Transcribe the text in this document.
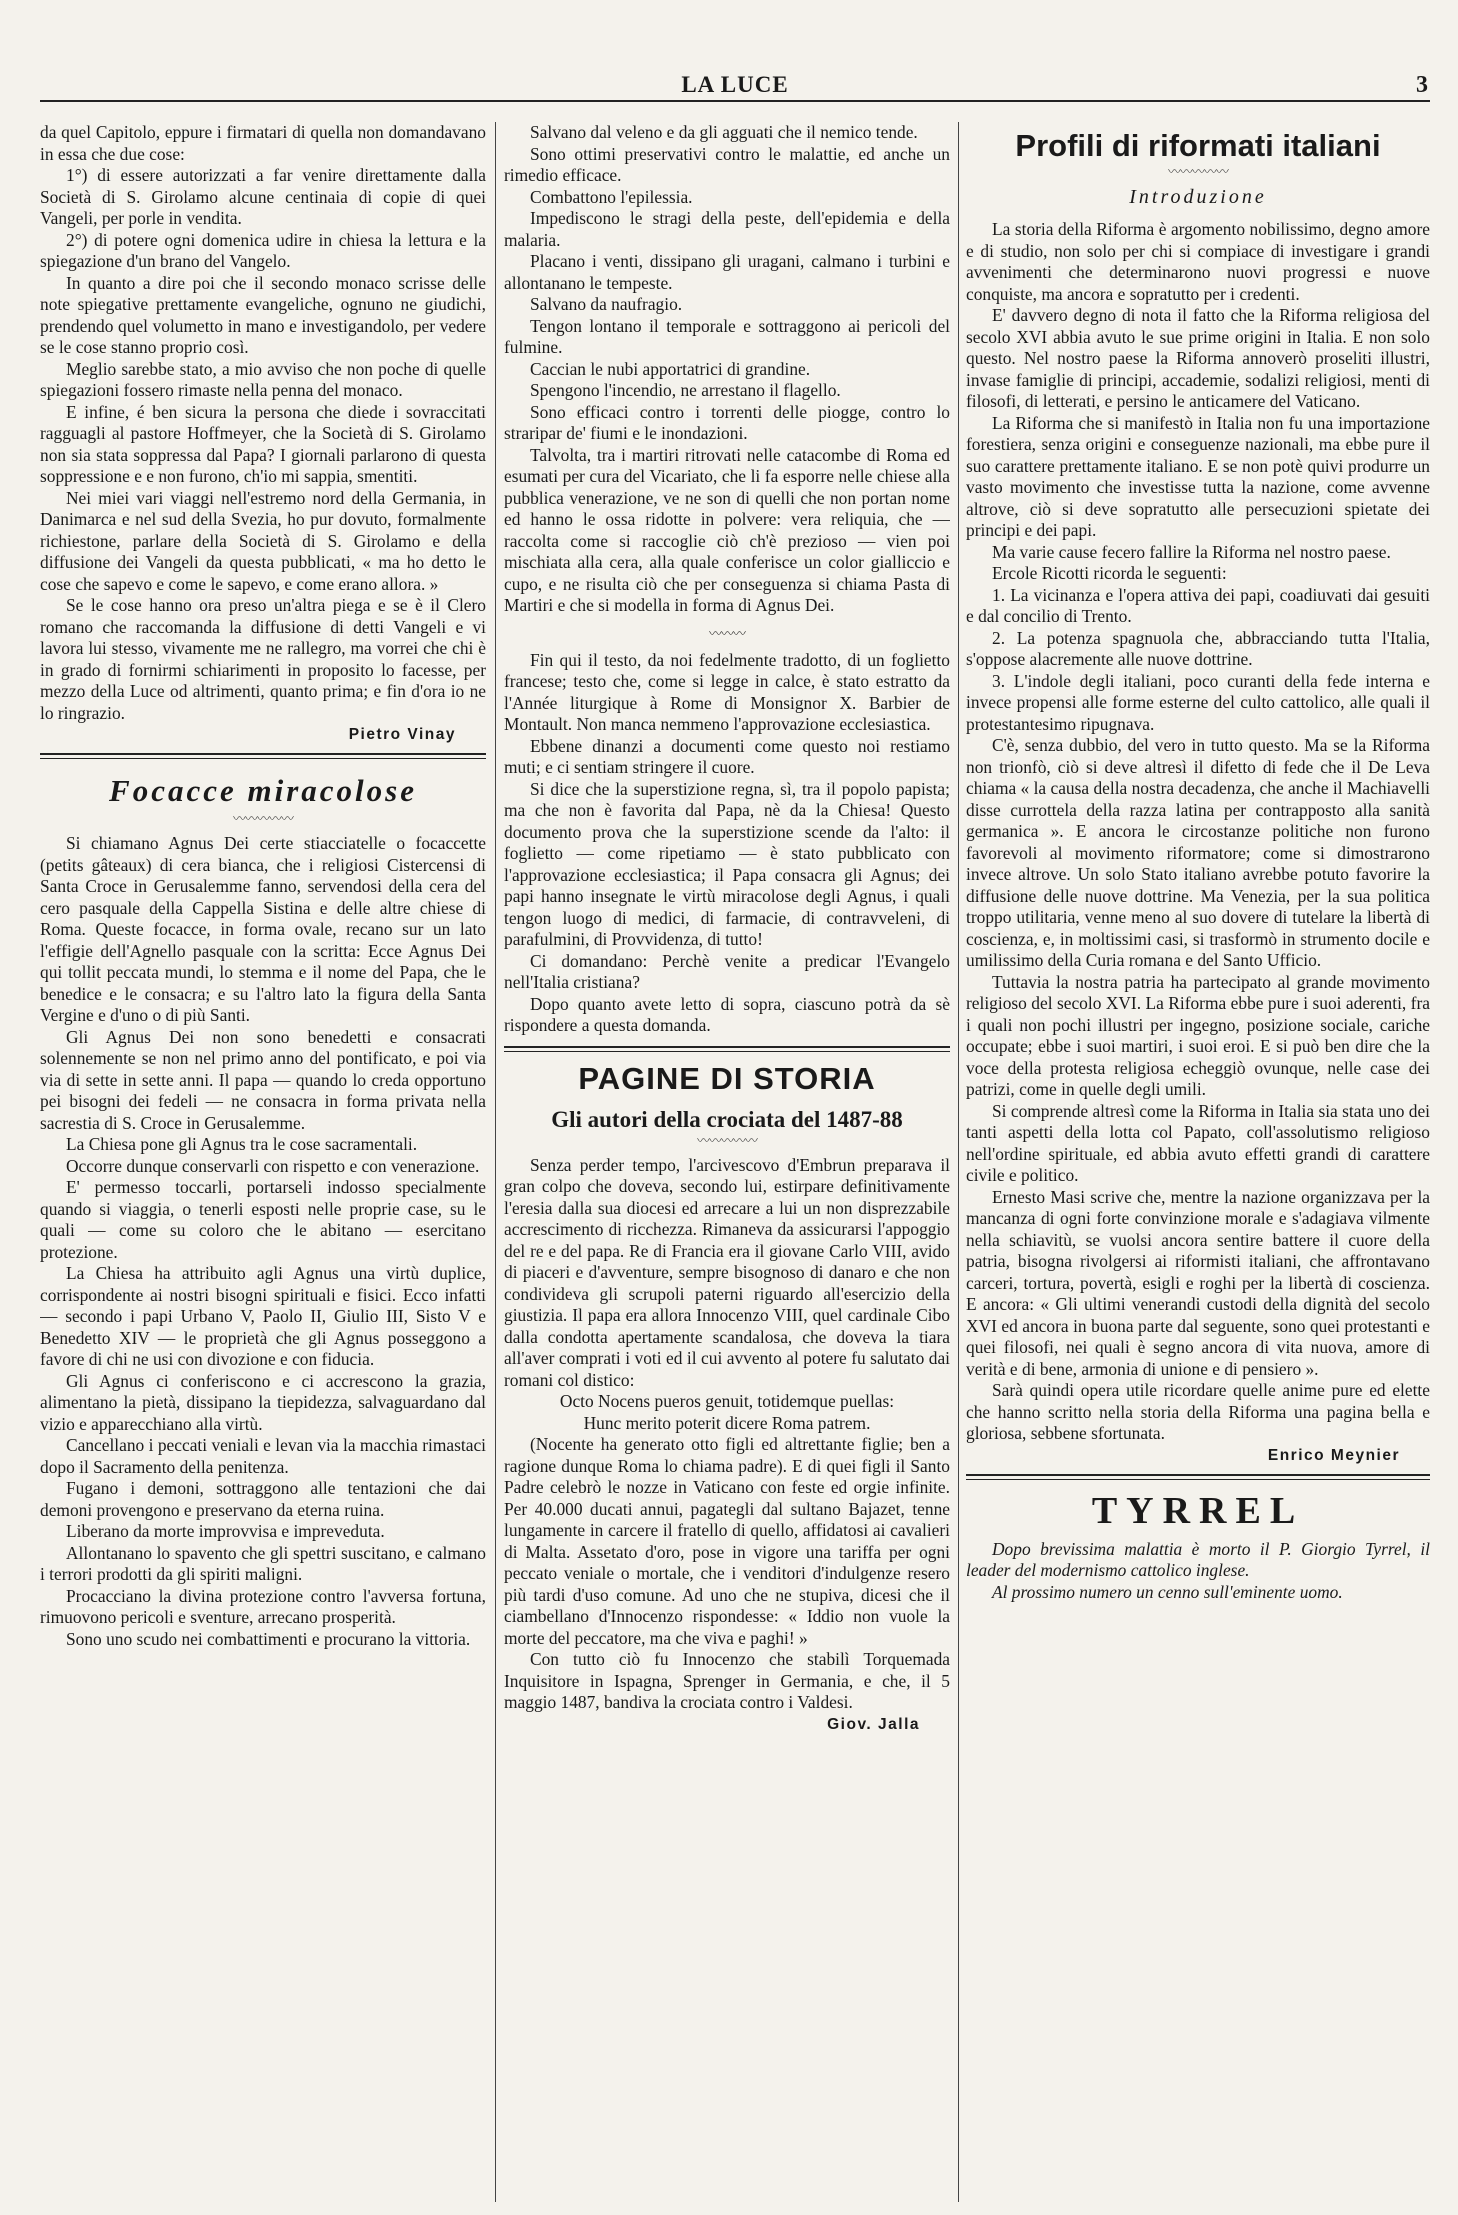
LA LUCE	3

da quel Capitolo, eppure i firmatari di quella non domandavano in essa che due cose:

1°) di essere autorizzati a far venire direttamente dalla Società di S. Girolamo alcune centinaia di copie di quei Vangeli, per porle in vendita.

2°) di potere ogni domenica udire in chiesa la lettura e la spiegazione d'un brano del Vangelo.

In quanto a dire poi che il secondo monaco scrisse delle note spiegative prettamente evangeliche, ognuno ne giudichi, prendendo quel volumetto in mano e investigandolo, per vedere se le cose stanno proprio così.

Meglio sarebbe stato, a mio avviso che non poche di quelle spiegazioni fossero rimaste nella penna del monaco.

E infine, é ben sicura la persona che diede i sovraccitati ragguagli al pastore Hoffmeyer, che la Società di S. Girolamo non sia stata soppressa dal Papa? I giornali parlarono di questa soppressione e e non furono, ch'io mi sappia, smentiti.

Nei miei vari viaggi nell'estremo nord della Germania, in Danimarca e nel sud della Svezia, ho pur dovuto, formalmente richiestone, parlare della Società di S. Girolamo e della diffusione dei Vangeli da questa pubblicati, « ma ho detto le cose che sapevo e come le sapevo, e come erano allora. »

Se le cose hanno ora preso un'altra piega e se è il Clero romano che raccomanda la diffusione di detti Vangeli e vi lavora lui stesso, vivamente me ne rallegro, ma vorrei che chi è in grado di fornirmi schiarimenti in proposito lo facesse, per mezzo della Luce od altrimenti, quanto prima; e fin d'ora io ne lo ringrazio.

Pietro Vinay
Focacce miracolose
〰〰〰〰〰

Si chiamano Agnus Dei certe stiacciatelle o focaccette (petits gâteaux) di cera bianca, che i religiosi Cistercensi di Santa Croce in Gerusalemme fanno, servendosi della cera del cero pasquale della Cappella Sistina e delle altre chiese di Roma. Queste focacce, in forma ovale, recano sur un lato l'effigie dell'Agnello pasquale con la scritta: Ecce Agnus Dei qui tollit peccata mundi, lo stemma e il nome del Papa, che le benedice e le consacra; e su l'altro lato la figura della Santa Vergine e d'uno o di più Santi.

Gli Agnus Dei non sono benedetti e consacrati solennemente se non nel primo anno del pontificato, e poi via via di sette in sette anni. Il papa — quando lo creda opportuno pei bisogni dei fedeli — ne consacra in forma privata nella sacrestia di S. Croce in Gerusalemme.

La Chiesa pone gli Agnus tra le cose sacramentali.

Occorre dunque conservarli con rispetto e con venerazione.

E' permesso toccarli, portarseli indosso specialmente quando si viaggia, o tenerli esposti nelle proprie case, su le quali — come su coloro che le abitano — esercitano protezione.

La Chiesa ha attribuito agli Agnus una virtù duplice, corrispondente ai nostri bisogni spirituali e fisici. Ecco infatti — secondo i papi Urbano V, Paolo II, Giulio III, Sisto V e Benedetto XIV — le proprietà che gli Agnus posseggono a favore di chi ne usi con divozione e con fiducia.

Gli Agnus ci conferiscono e ci accrescono la grazia, alimentano la pietà, dissipano la tiepidezza, salvaguardano dal vizio e apparecchiano alla virtù.

Cancellano i peccati veniali e levan via la macchia rimastaci dopo il Sacramento della penitenza.

Fugano i demoni, sottraggono alle tentazioni che dai demoni provengono e preservano da eterna ruina.

Liberano da morte improvvisa e impreveduta.

Allontanano lo spavento che gli spettri suscitano, e calmano i terrori prodotti da gli spiriti maligni.

Procacciano la divina protezione contro l'avversa fortuna, rimuovono pericoli e sventure, arrecano prosperità.

Sono uno scudo nei combattimenti e procurano la vittoria.

Salvano dal veleno e da gli agguati che il nemico tende.

Sono ottimi preservativi contro le malattie, ed anche un rimedio efficace.

Combattono l'epilessia.

Impediscono le stragi della peste, dell'epidemia e della malaria.

Placano i venti, dissipano gli uragani, calmano i turbini e allontanano le tempeste.

Salvano da naufragio.

Tengon lontano il temporale e sottraggono ai pericoli del fulmine.

Caccian le nubi apportatrici di grandine.

Spengono l'incendio, ne arrestano il flagello.

Sono efficaci contro i torrenti delle piogge, contro lo straripar de' fiumi e le inondazioni.

Talvolta, tra i martiri ritrovati nelle catacombe di Roma ed esumati per cura del Vicariato, che li fa esporre nelle chiese alla pubblica venerazione, ve ne son di quelli che non portan nome ed hanno le ossa ridotte in polvere: vera reliquia, che — raccolta come si raccoglie ciò ch'è prezioso — vien poi mischiata alla cera, alla quale conferisce un color gialliccio e cupo, e ne risulta ciò che per conseguenza si chiama Pasta di Martiri e che si modella in forma di Agnus Dei.

〰〰〰

Fin qui il testo, da noi fedelmente tradotto, di un foglietto francese; testo che, come si legge in calce, è stato estratto da l'Année liturgique à Rome di Monsignor X. Barbier de Montault. Non manca nemmeno l'approvazione ecclesiastica.

Ebbene dinanzi a documenti come questo noi restiamo muti; e ci sentiam stringere il cuore.

Si dice che la superstizione regna, sì, tra il popolo papista; ma che non è favorita dal Papa, nè da la Chiesa! Questo documento prova che la superstizione scende da l'alto: il foglietto — come ripetiamo — è stato pubblicato con l'approvazione ecclesiastica; il Papa consacra gli Agnus; dei papi hanno insegnate le virtù miracolose degli Agnus, i quali tengon luogo di medici, di farmacie, di contravveleni, di parafulmini, di Provvidenza, di tutto!

Ci domandano: Perchè venite a predicar l'Evangelo nell'Italia cristiana?

Dopo quanto avete letto di sopra, ciascuno potrà da sè rispondere a questa domanda.

PAGINE DI STORIA
Gli autori della crociata del 1487-88
〰〰〰〰〰

Senza perder tempo, l'arcivescovo d'Embrun preparava il gran colpo che doveva, secondo lui, estirpare definitivamente l'eresia dalla sua diocesi ed arrecare a lui un non disprezzabile accrescimento di ricchezza. Rimaneva da assicurarsi l'appoggio del re e del papa. Re di Francia era il giovane Carlo VIII, avido di piaceri e d'avventure, sempre bisognoso di danaro e che non condivideva gli scrupoli paterni riguardo all'esercizio della giustizia. Il papa era allora Innocenzo VIII, quel cardinale Cibo dalla condotta apertamente scandalosa, che doveva la tiara all'aver comprati i voti ed il cui avvento al potere fu salutato dai romani col distico:

Octo Nocens pueros genuit, totidemque puellas:

Hunc merito poterit dicere Roma patrem.

(Nocente ha generato otto figli ed altrettante figlie; ben a ragione dunque Roma lo chiama padre). E di quei figli il Santo Padre celebrò le nozze in Vaticano con feste ed orgie infinite. Per 40.000 ducati annui, pagategli dal sultano Bajazet, tenne lungamente in carcere il fratello di quello, affidatosi ai cavalieri di Malta. Assetato d'oro, pose in vigore una tariffa per ogni peccato veniale o mortale, che i venditori d'indulgenze resero più tardi d'uso comune. Ad uno che ne stupiva, dicesi che il ciambellano d'Innocenzo rispondesse: « Iddio non vuole la morte del peccatore, ma che viva e paghi! »

Con tutto ciò fu Innocenzo che stabilì Torquemada Inquisitore in Ispagna, Sprenger in Germania, e che, il 5 maggio 1487, bandiva la crociata contro i Valdesi.

Giov. Jalla
Profili di riformati italiani
〰〰〰〰〰
Introduzione

La storia della Riforma è argomento nobilissimo, degno amore e di studio, non solo per chi si compiace di investigare i grandi avvenimenti che determinarono nuovi progressi e nuove conquiste, ma ancora e sopratutto per i credenti.

E' davvero degno di nota il fatto che la Riforma religiosa del secolo XVI abbia avuto le sue prime origini in Italia. E non solo questo. Nel nostro paese la Riforma annoverò proseliti illustri, invase famiglie di principi, accademie, sodalizi religiosi, menti di filosofi, di letterati, e persino le anticamere del Vaticano.

La Riforma che si manifestò in Italia non fu una importazione forestiera, senza origini e conseguenze nazionali, ma ebbe pure il suo carattere prettamente italiano. E se non potè quivi produrre un vasto movimento che investisse tutta la nazione, come avvenne altrove, ciò si deve sopratutto alle persecuzioni spietate dei principi e dei papi.

Ma varie cause fecero fallire la Riforma nel nostro paese.

Ercole Ricotti ricorda le seguenti:

1. La vicinanza e l'opera attiva dei papi, coadiuvati dai gesuiti e dal concilio di Trento.

2. La potenza spagnuola che, abbracciando tutta l'Italia, s'oppose alacremente alle nuove dottrine.

3. L'indole degli italiani, poco curanti della fede interna e invece propensi alle forme esterne del culto cattolico, alle quali il protestantesimo ripugnava.

C'è, senza dubbio, del vero in tutto questo. Ma se la Riforma non trionfò, ciò si deve altresì il difetto di fede che il De Leva chiama « la causa della nostra decadenza, che anche il Machiavelli disse currottela della razza latina per contrapposto alla sanità germanica ». E ancora le circostanze politiche non furono favorevoli al movimento riformatore; come si dimostrarono invece altrove. Un solo Stato italiano avrebbe potuto favorire la diffusione delle nuove dottrine. Ma Venezia, per la sua politica troppo utilitaria, venne meno al suo dovere di tutelare la libertà di coscienza, e, in moltissimi casi, si trasformò in strumento docile e umilissimo della Curia romana e del Santo Ufficio.

Tuttavia la nostra patria ha partecipato al grande movimento religioso del secolo XVI. La Riforma ebbe pure i suoi aderenti, fra i quali non pochi illustri per ingegno, posizione sociale, cariche occupate; ebbe i suoi martiri, i suoi eroi. E si può ben dire che la voce della protesta religiosa echeggiò ovunque, nelle case dei patrizi, come in quelle degli umili.

Si comprende altresì come la Riforma in Italia sia stata uno dei tanti aspetti della lotta col Papato, coll'assolutismo religioso nell'ordine spirituale, ed abbia avuto effetti grandi di carattere civile e politico.

Ernesto Masi scrive che, mentre la nazione organizzava per la mancanza di ogni forte convinzione morale e s'adagiava vilmente nella schiavitù, se vuolsi ancora sentire battere il cuore della patria, bisogna rivolgersi ai riformisti italiani, che affrontavano carceri, tortura, povertà, esigli e roghi per la libertà di coscienza. E ancora: « Gli ultimi venerandi custodi della dignità del secolo XVI ed ancora in buona parte dal seguente, sono quei protestanti e quei filosofi, nei quali è segno ancora di vita nuova, amore di verità e di bene, armonia di unione e di pensiero ».

Sarà quindi opera utile ricordare quelle anime pure ed elette che hanno scritto nella storia della Riforma una pagina bella e gloriosa, sebbene sfortunata.

Enrico Meynier
TYRREL

Dopo brevissima malattia è morto il P. Giorgio Tyrrel, il leader del modernismo cattolico inglese.

Al prossimo numero un cenno sull'eminente uomo.
